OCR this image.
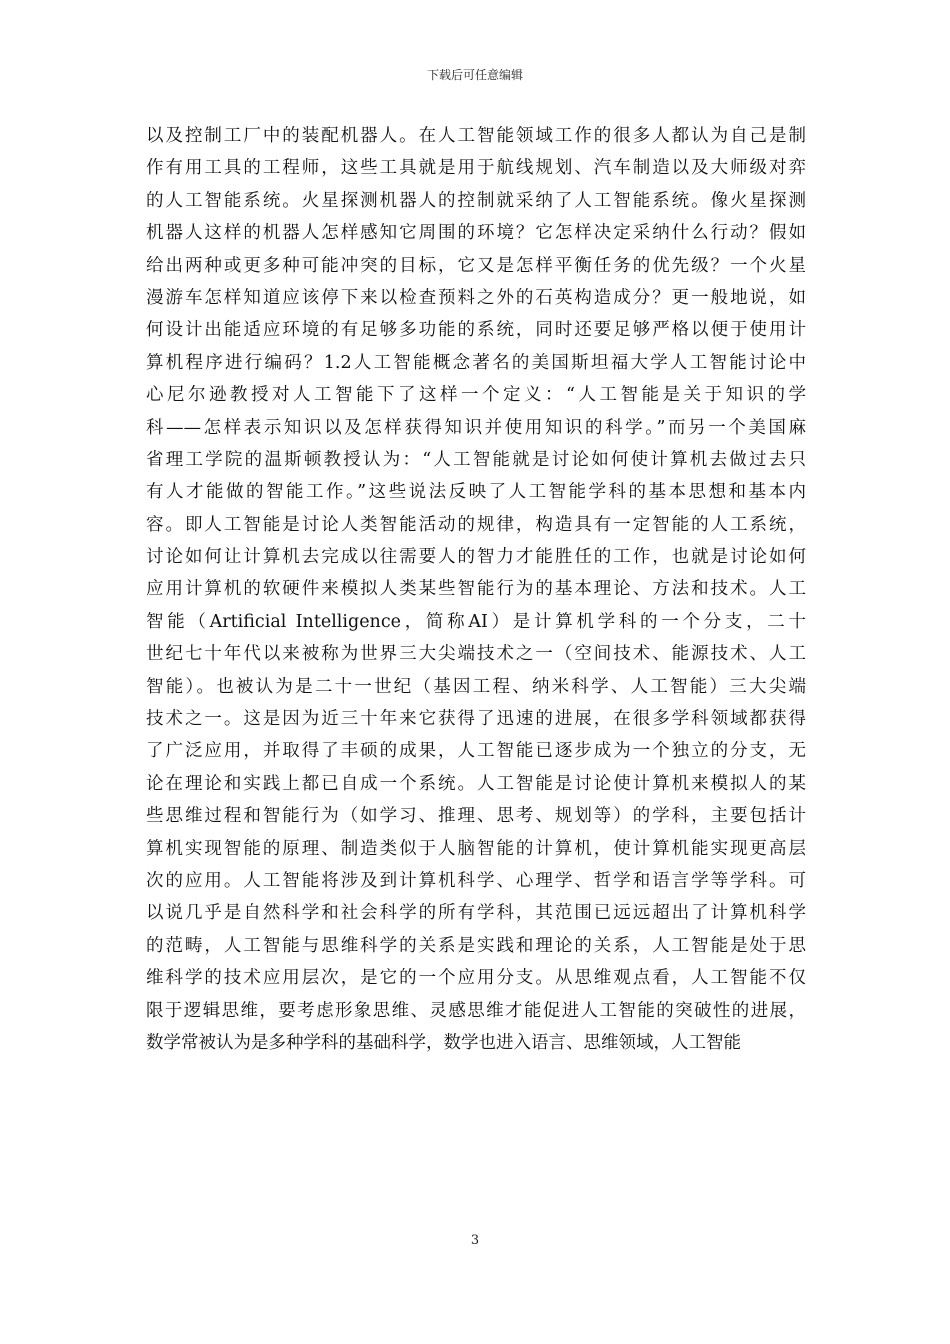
下载后可任意编辑
以及控制工厂中的装配机器人。在人工智能领域工作的很多人都认为自己是制
作有用工具的工程师，这些工具就是用于航线规划、汽车制造以及大师级对弈
的人工智能系统。火星探测机器人的控制就采纳了人工智能系统。像火星探测
机器人这样的机器人怎样感知它周围的环境？它怎样决定采纳什么行动？假如
给出两种或更多种可能冲突的目标，它又是怎样平衡任务的优先级？一个火星
漫游车怎样知道应该停下来以检查预料之外的石英构造成分？更一般地说，如
何设计出能适应环境的有足够多功能的系统，同时还要足够严格以便于使用计
算机程序进行编码？1.2人工智能概念著名的美国斯坦福大学人工智能讨论中
心尼尔逊教授对人工智能下了这样一个定义：“人工智能是关于知识的学
科——怎样表示知识以及怎样获得知识并使用知识的科学。”而另一个美国麻
省理工学院的温斯顿教授认为：“人工智能就是讨论如何使计算机去做过去只
有人才能做的智能工作。”这些说法反映了人工智能学科的基本思想和基本内
容。即人工智能是讨论人类智能活动的规律，构造具有一定智能的人工系统，
讨论如何让计算机去完成以往需要人的智力才能胜任的工作，也就是讨论如何
应用计算机的软硬件来模拟人类某些智能行为的基本理论、方法和技术。人工
智能（Artificial Intelligence，简称AI）是计算机学科的一个分支，二十
世纪七十年代以来被称为世界三大尖端技术之一（空间技术、能源技术、人工
智能）。也被认为是二十一世纪（基因工程、纳米科学、人工智能）三大尖端
技术之一。这是因为近三十年来它获得了迅速的进展，在很多学科领域都获得
了广泛应用，并取得了丰硕的成果，人工智能已逐步成为一个独立的分支，无
论在理论和实践上都已自成一个系统。人工智能是讨论使计算机来模拟人的某
些思维过程和智能行为（如学习、推理、思考、规划等）的学科，主要包括计
算机实现智能的原理、制造类似于人脑智能的计算机，使计算机能实现更高层
次的应用。人工智能将涉及到计算机科学、心理学、哲学和语言学等学科。可
以说几乎是自然科学和社会科学的所有学科，其范围已远远超出了计算机科学
的范畴，人工智能与思维科学的关系是实践和理论的关系，人工智能是处于思
维科学的技术应用层次，是它的一个应用分支。从思维观点看，人工智能不仅
限于逻辑思维，要考虑形象思维、灵感思维才能促进人工智能的突破性的进展，
数学常被认为是多种学科的基础科学，数学也进入语言、思维领域，人工智能
3
